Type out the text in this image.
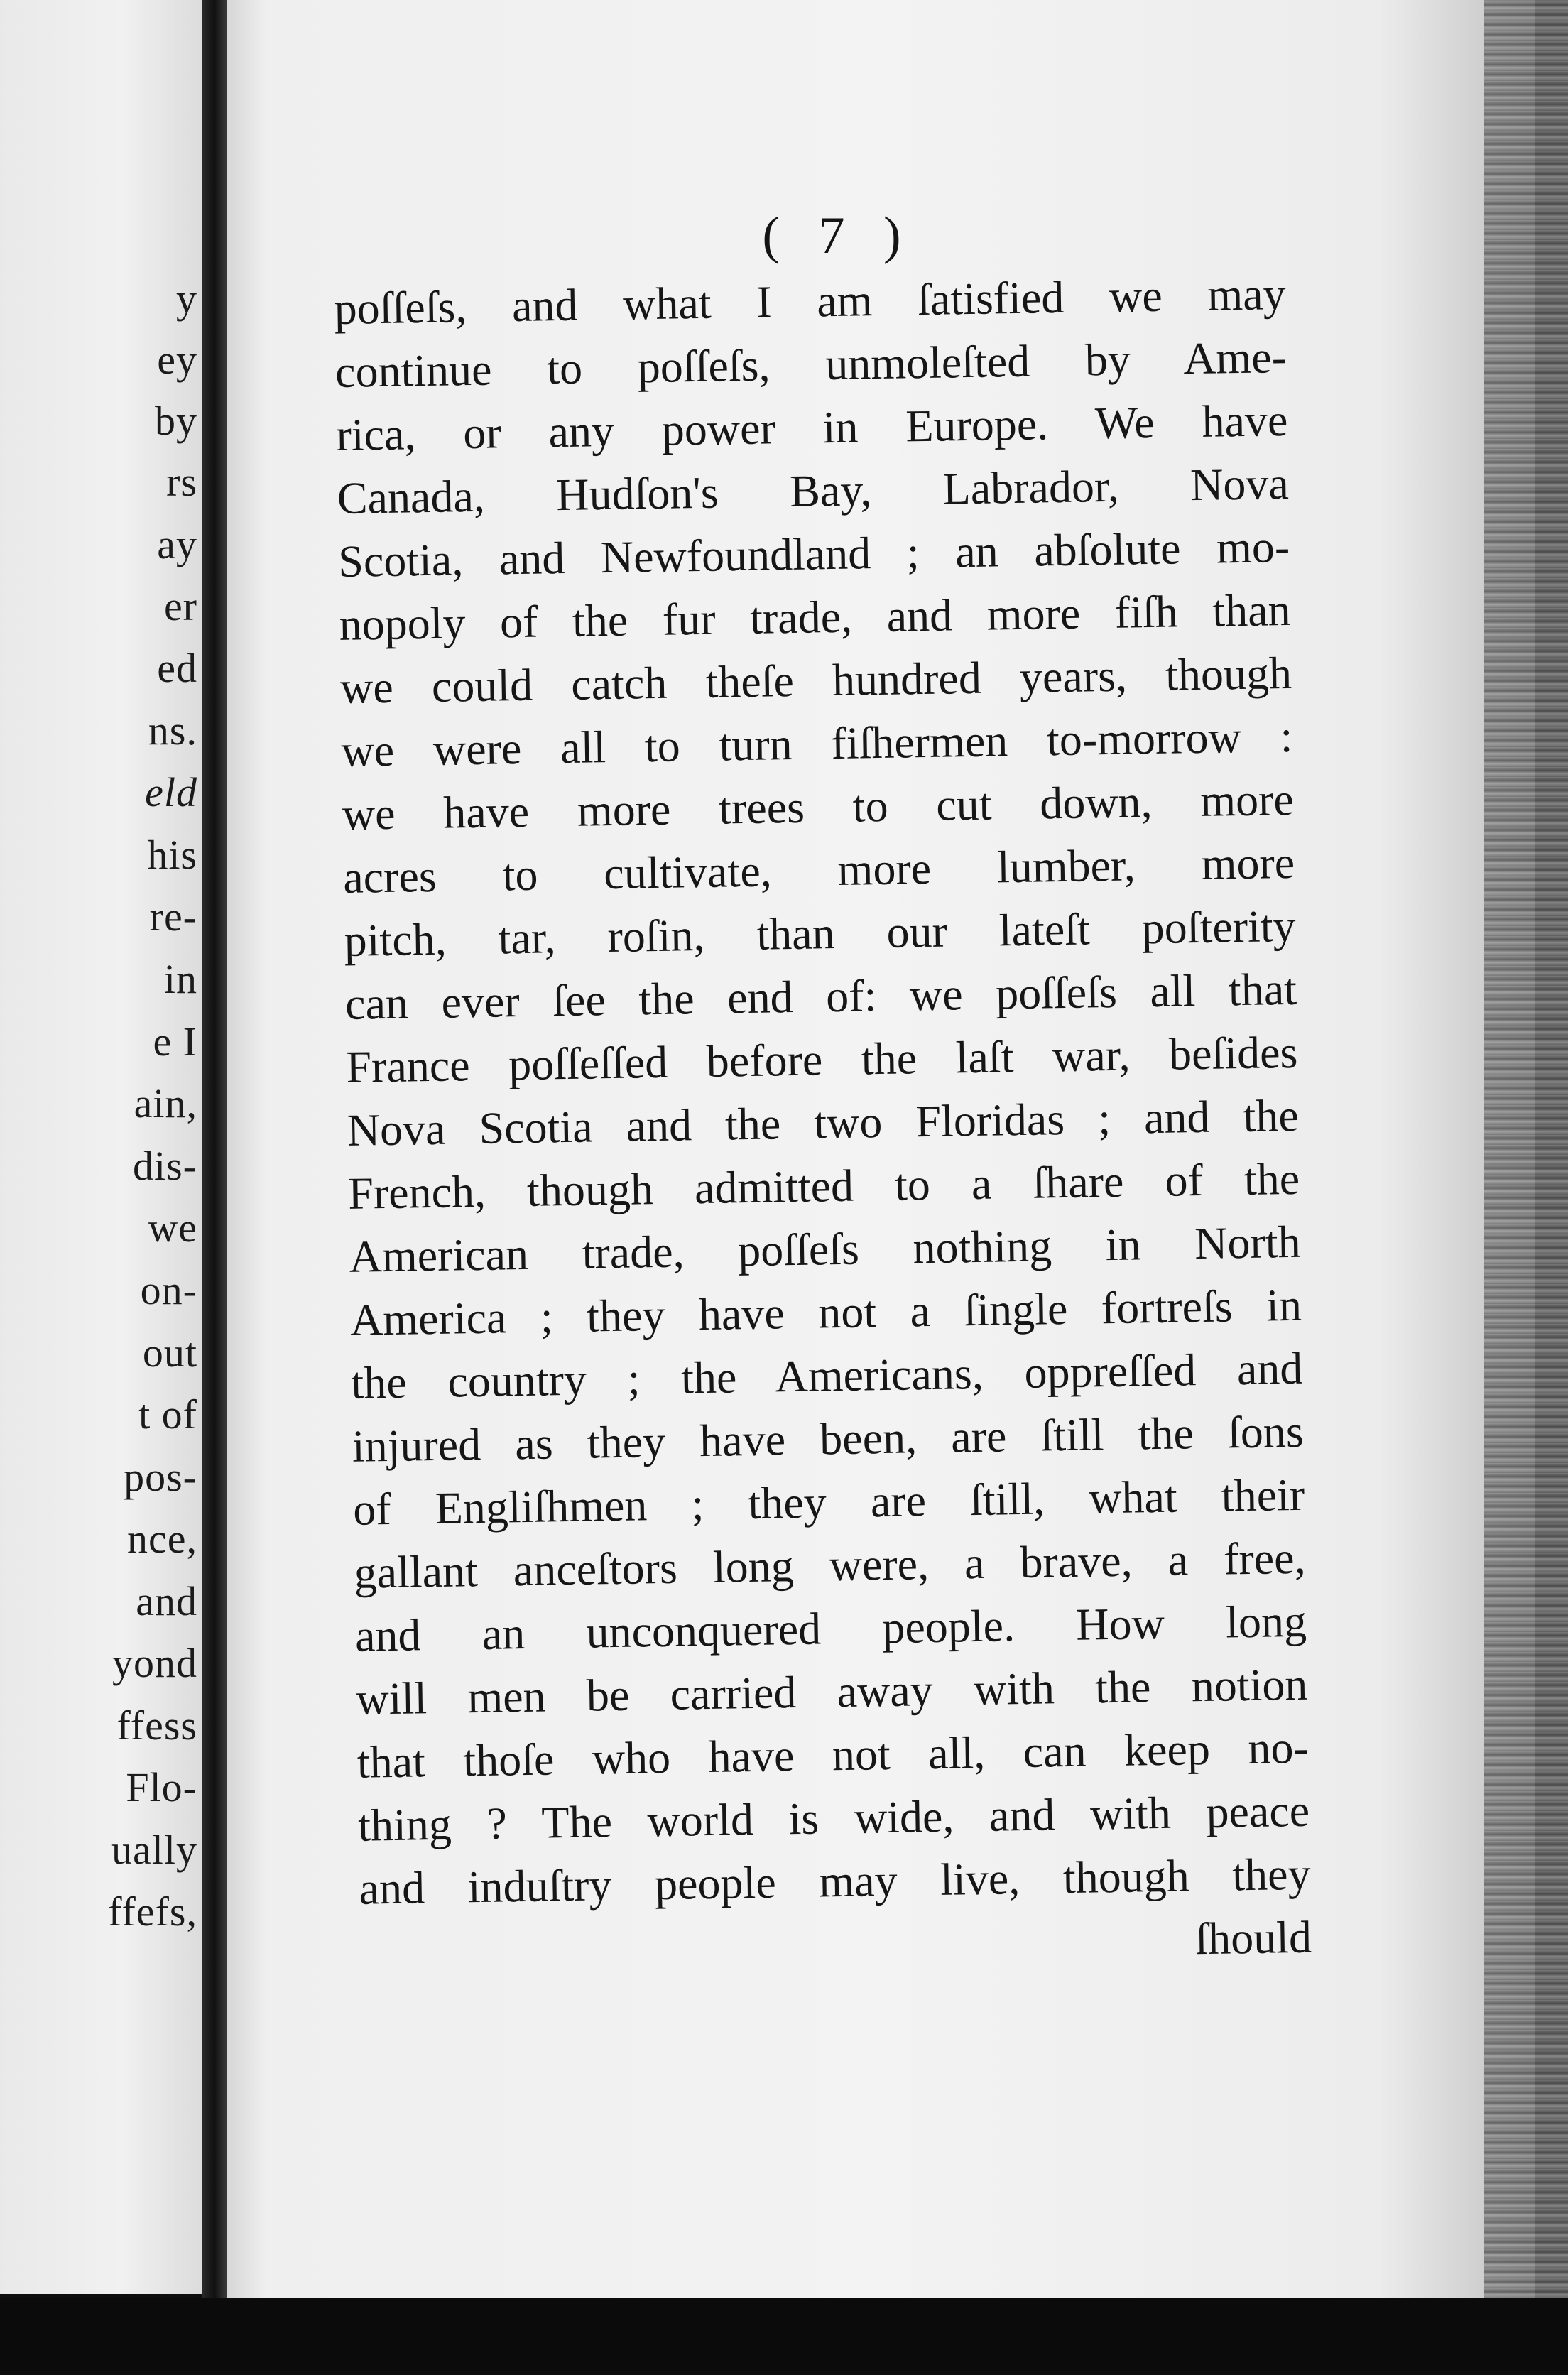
y
ey
by
rs
ay
er
ed
ns.
eld
his
re-
in
e I
ain,
dis-
we
on-
out
t of
pos-
nce,
and
yond
ffess
Flo-
ually
ffefs,
( 7 )
poſſeſs, and what I am ſatisfied we may
continue to poſſeſs, unmoleſted by Ame-
rica, or any power in Europe. We have
Canada, Hudſon's Bay, Labrador, Nova
Scotia, and Newfoundland ; an abſolute mo-
nopoly of the fur trade, and more fiſh than
we could catch theſe hundred years, though
we were all to turn fiſhermen to-morrow :
we have more trees to cut down, more
acres to cultivate, more lumber, more
pitch, tar, roſin, than our lateſt poſterity
can ever ſee the end of: we poſſeſs all that
France poſſeſſed before the laſt war, beſides
Nova Scotia and the two Floridas ; and the
French, though admitted to a ſhare of the
American trade, poſſeſs nothing in North
America ; they have not a ſingle fortreſs in
the country ; the Americans, oppreſſed and
injured as they have been, are ſtill the ſons
of Engliſhmen ; they are ſtill, what their
gallant anceſtors long were, a brave, a free,
and an unconquered people. How long
will men be carried away with the notion
that thoſe who have not all, can keep no-
thing ? The world is wide, and with peace
and induſtry people may live, though they
ſhould
